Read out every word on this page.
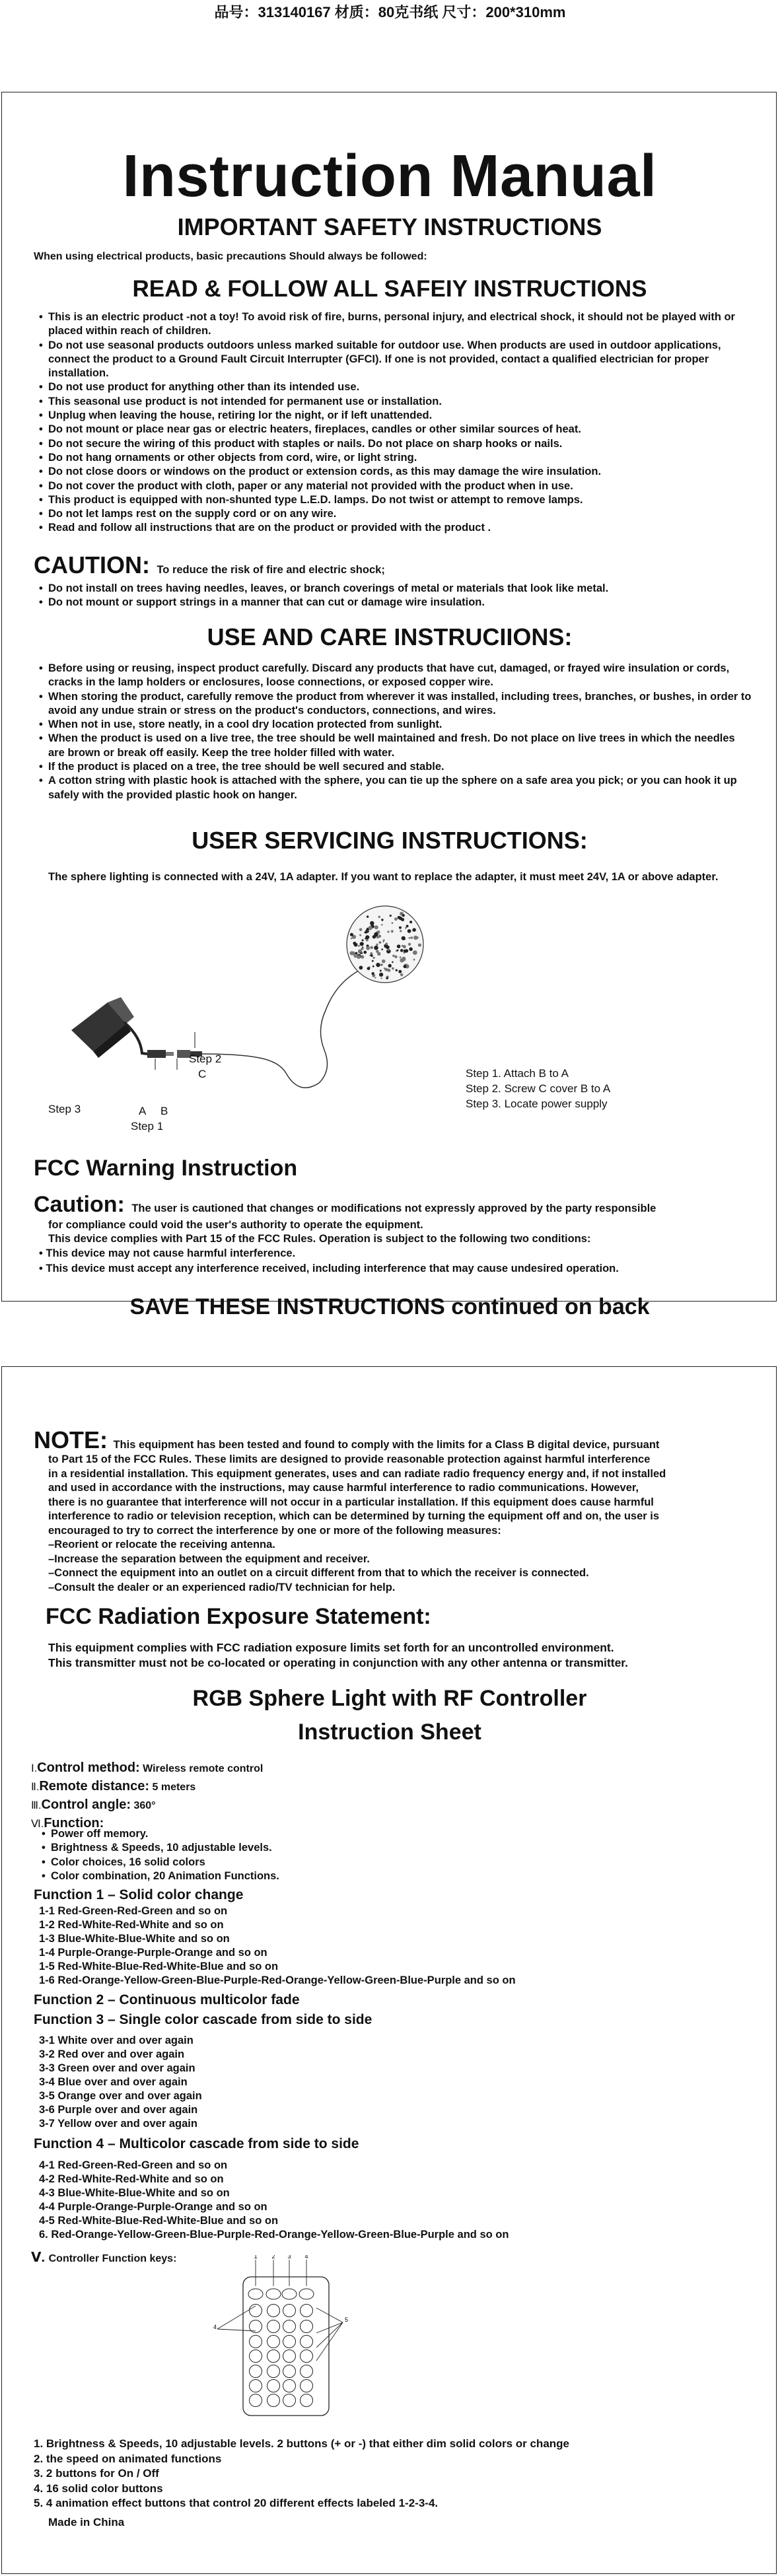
品号：313140167 材质：80克书纸 尺寸：200*310mm
Instruction Manual
IMPORTANT SAFETY INSTRUCTIONS
When using electrical products, basic precautions Should always be followed:
READ & FOLLOW ALL SAFEIY INSTRUCTIONS
• This is an electric product -not a toy! To avoid risk of fire, burns, personal injury, and electrical shock, it should not be played with or placed within reach of children.
• Do not use seasonal products outdoors unless marked suitable for outdoor use. When products are used in outdoor applications, connect the product to a Ground Fault Circuit Interrupter (GFCI). If one is not provided, contact a qualified electrician for proper installation.
• Do not use product for anything other than its intended use.
• This seasonal use product is not intended for permanent use or installation.
• Unplug when leaving the house, retiring lor the night, or if left unattended.
• Do not mount or place near gas or electric heaters, fireplaces, candles or other similar sources of heat.
• Do not secure the wiring of this product with staples or nails. Do not place on sharp hooks or nails.
• Do not hang ornaments or other objects from cord, wire, or light string.
• Do not close doors or windows on the product or extension cords, as this may damage the wire insulation.
• Do not cover the product with cloth, paper or any material not provided with the product when in use.
• This product is equipped with non-shunted type L.E.D. lamps. Do not twist or attempt to remove lamps.
• Do not let lamps rest on the supply cord or on any wire.
• Read and follow all instructions that are on the product or provided with the product .
CAUTION: To reduce the risk of fire and electric shock;
• Do not install on trees having needles, leaves, or branch coverings of metal or materials that look like metal.
• Do not mount or support strings in a manner that can cut or damage wire insulation.
USE AND CARE INSTRUCIIONS:
• Before using or reusing, inspect product carefully. Discard any products that have cut, damaged, or frayed wire insulation or cords, cracks in the lamp holders or enclosures, loose connections, or exposed copper wire.
• When storing the product, carefully remove the product from wherever it was installed, including trees, branches, or bushes, in order to avoid any undue strain or stress on the product's conductors, connections, and wires.
• When not in use, store neatly, in a cool dry location protected from sunlight.
• When the product is used on a live tree, the tree should be well maintained and fresh. Do not place on live trees in which the needles are brown or break off easily. Keep the tree holder filled with water.
• If the product is placed on a tree, the tree should be well secured and stable.
• A cotton string with plastic hook is attached with the sphere, you can tie up the sphere on a safe area you pick; or you can hook it up safely with the provided plastic hook on hanger.
USER SERVICING INSTRUCTIONS:
The sphere lighting is connected with a 24V, 1A adapter. If you want to replace the adapter, it must meet 24V, 1A or above adapter.
Step 2
C
Step 3	A B
Step 1
Step 1. Attach B to A
Step 2. Screw C cover B to A
Step 3. Locate power supply
FCC Warning Instruction
Caution: The user is cautioned that changes or modifications not expressly approved by the party responsible
for compliance could void the user's authority to operate the equipment.
This device complies with Part 15 of the FCC Rules. Operation is subject to the following two conditions:
• This device may not cause harmful interference.
• This device must accept any interference received, including interference that may cause undesired operation.
SAVE THESE INSTRUCTIONS continued on back
NOTE: This equipment has been tested and found to comply with the limits for a Class B digital device, pursuant
to Part 15 of the FCC Rules. These limits are designed to provide reasonable protection against harmful interference
in a residential installation. This equipment generates, uses and can radiate radio frequency energy and, if not installed
and used in accordance with the instructions, may cause harmful interference to radio communications. However,
there is no guarantee that interference will not occur in a particular installation. If this equipment does cause harmful
interference to radio or television reception, which can be determined by turning the equipment off and on, the user is
encouraged to try to correct the interference by one or more of the following measures:
–Reorient or relocate the receiving antenna.
–Increase the separation between the equipment and receiver.
–Connect the equipment into an outlet on a circuit different from that to which the receiver is connected.
–Consult the dealer or an experienced radio/TV technician for help.
FCC Radiation Exposure Statement:
This equipment complies with FCC radiation exposure limits set forth for an uncontrolled environment.
This transmitter must not be co-located or operating in conjunction with any other antenna or transmitter.
RGB Sphere Light with RF Controller
Instruction Sheet
Ⅰ.Control method: Wireless remote control
Ⅱ.Remote distance: 5 meters
Ⅲ.Control angle: 360°
Ⅵ.Function:
• Power off memory.
• Brightness & Speeds, 10 adjustable levels.
• Color choices, 16 solid colors
• Color combination, 20 Animation Functions.
Function 1 – Solid color change
1-1 Red-Green-Red-Green and so on
1-2 Red-White-Red-White and so on
1-3 Blue-White-Blue-White and so on
1-4 Purple-Orange-Purple-Orange and so on
1-5 Red-White-Blue-Red-White-Blue and so on
1-6 Red-Orange-Yellow-Green-Blue-Purple-Red-Orange-Yellow-Green-Blue-Purple and so on
Function 2 – Continuous multicolor fade
Function 3 – Single color cascade from side to side
3-1 White over and over again
3-2 Red over and over again
3-3 Green over and over again
3-4 Blue over and over again
3-5 Orange over and over again
3-6 Purple over and over again
3-7 Yellow over and over again
Function 4 – Multicolor cascade from side to side
4-1 Red-Green-Red-Green and so on
4-2 Red-White-Red-White and so on
4-3 Blue-White-Blue-White and so on
4-4 Purple-Orange-Purple-Orange and so on
4-5 Red-White-Blue-Red-White-Blue and so on
6. Red-Orange-Yellow-Green-Blue-Purple-Red-Orange-Yellow-Green-Blue-Purple and so on
Ⅴ. Controller Function keys:	1 2 3 4
4
5
1. Brightness & Speeds, 10 adjustable levels. 2 buttons (+ or -) that either dim solid colors or change
2. the speed on animated functions
3. 2 buttons for On / Off
4. 16 solid color buttons
5. 4 animation effect buttons that control 20 different effects labeled 1-2-3-4.
Made in China
